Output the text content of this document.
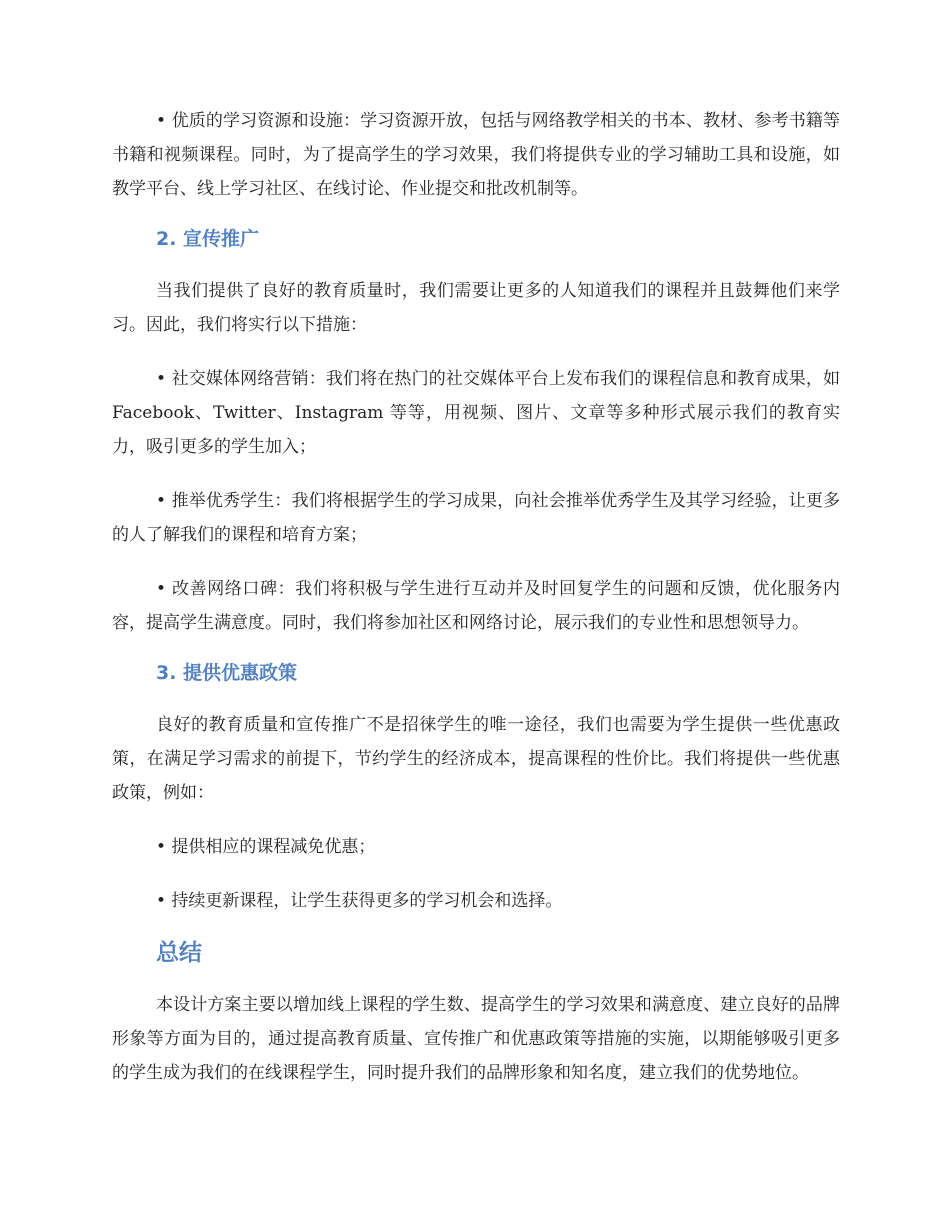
• 优质的学习资源和设施：学习资源开放，包括与网络教学相关的书本、教材、参考书籍等书籍和视频课程。同时，为了提高学生的学习效果，我们将提供专业的学习辅助工具和设施，如教学平台、线上学习社区、在线讨论、作业提交和批改机制等。

2. 宣传推广

当我们提供了良好的教育质量时，我们需要让更多的人知道我们的课程并且鼓舞他们来学习。因此，我们将实行以下措施：

• 社交媒体网络营销：我们将在热门的社交媒体平台上发布我们的课程信息和教育成果，如 Facebook、Twitter、Instagram 等等，用视频、图片、文章等多种形式展示我们的教育实力，吸引更多的学生加入；

• 推举优秀学生：我们将根据学生的学习成果，向社会推举优秀学生及其学习经验，让更多的人了解我们的课程和培育方案；

• 改善网络口碑：我们将积极与学生进行互动并及时回复学生的问题和反馈，优化服务内容，提高学生满意度。同时，我们将参加社区和网络讨论，展示我们的专业性和思想领导力。

3. 提供优惠政策

良好的教育质量和宣传推广不是招徕学生的唯一途径，我们也需要为学生提供一些优惠政策，在满足学习需求的前提下，节约学生的经济成本，提高课程的性价比。我们将提供一些优惠政策，例如：

• 提供相应的课程减免优惠；

• 持续更新课程，让学生获得更多的学习机会和选择。

总结

本设计方案主要以增加线上课程的学生数、提高学生的学习效果和满意度、建立良好的品牌形象等方面为目的，通过提高教育质量、宣传推广和优惠政策等措施的实施，以期能够吸引更多的学生成为我们的在线课程学生，同时提升我们的品牌形象和知名度，建立我们的优势地位。
